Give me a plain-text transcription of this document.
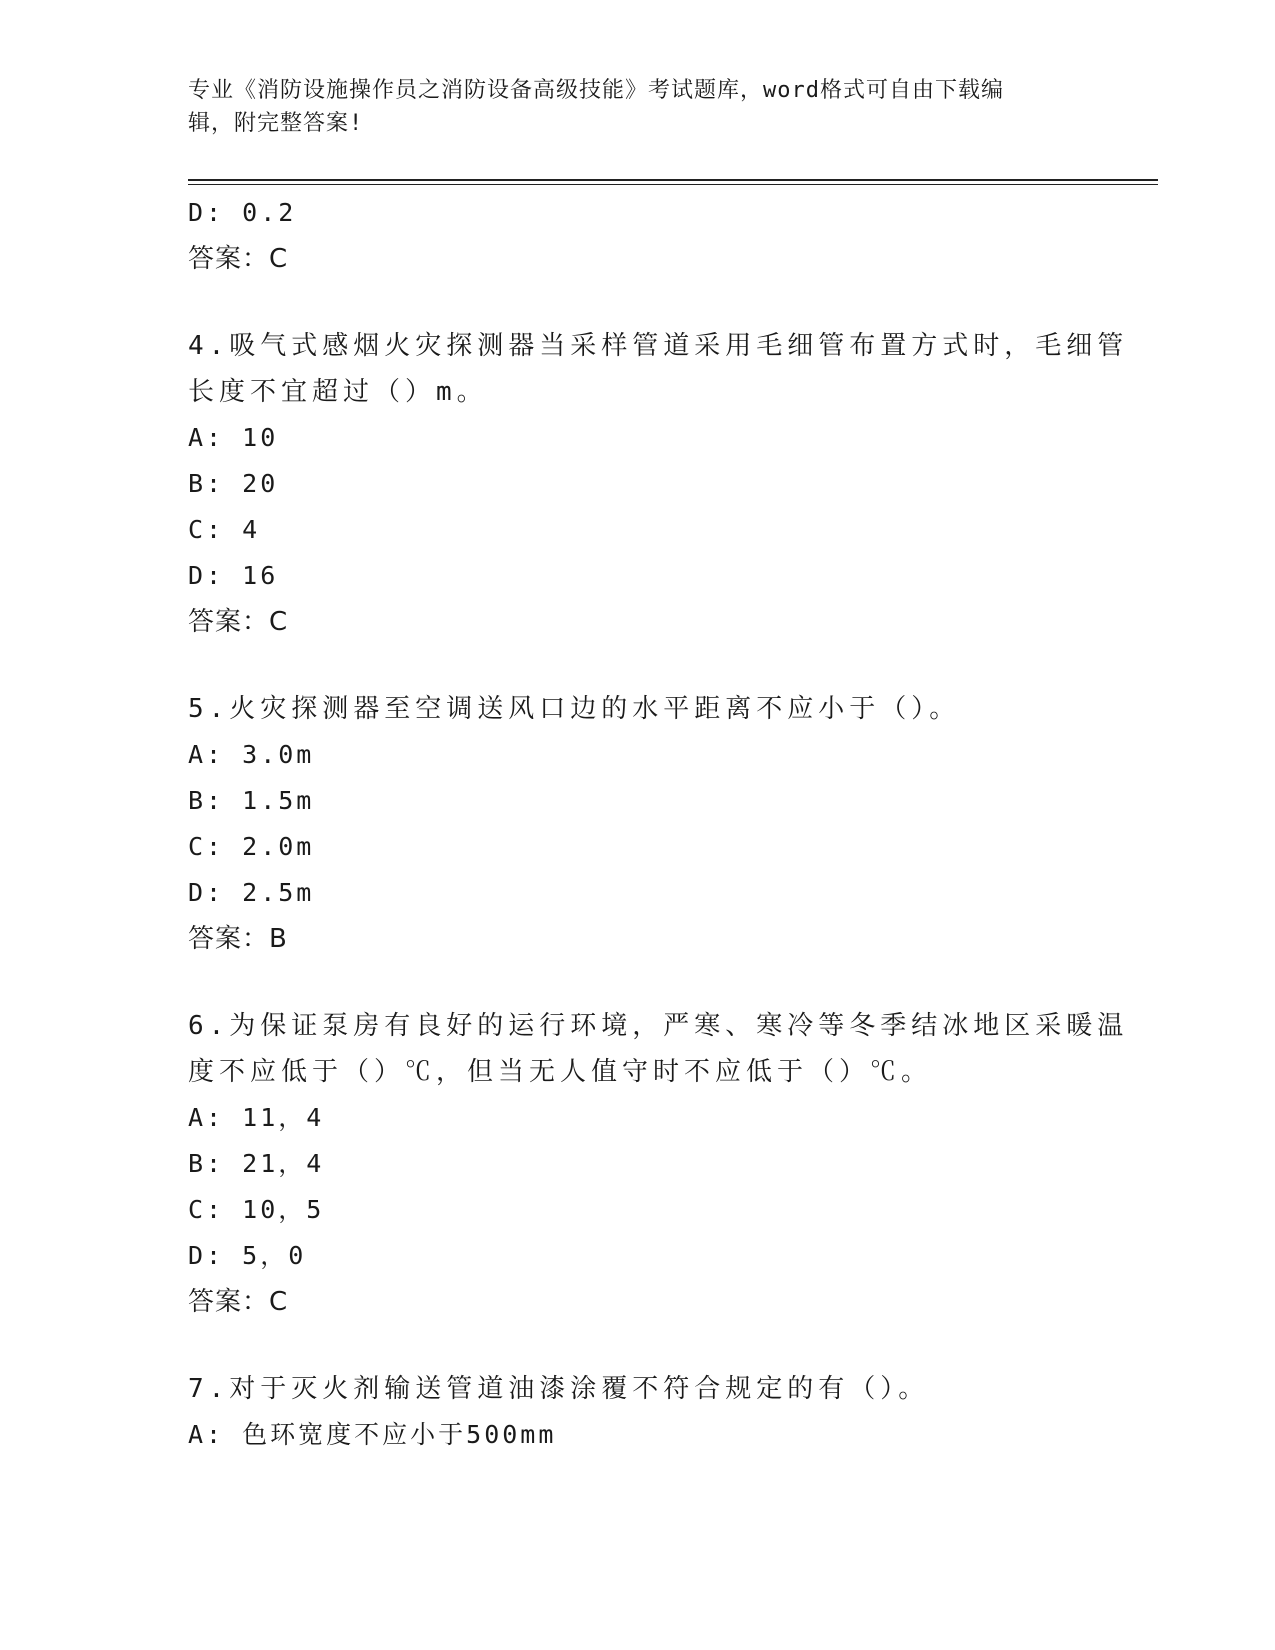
专业《消防设施操作员之消防设备高级技能》考试题库，word格式可自由下载编
辑，附完整答案!
D: 0.2
答案：C
4.吸气式感烟火灾探测器当采样管道采用毛细管布置方式时，毛细管
长度不宜超过（）m。
A: 10
B: 20
C: 4
D: 16
答案：C
5.火灾探测器至空调送风口边的水平距离不应小于（）。
A: 3.0m
B: 1.5m
C: 2.0m
D: 2.5m
答案：B
6.为保证泵房有良好的运行环境，严寒、寒冷等冬季结冰地区采暖温
度不应低于（）℃，但当无人值守时不应低于（）℃。
A: 11，4
B: 21，4
C: 10，5
D: 5，0
答案：C
7.对于灭火剂输送管道油漆涂覆不符合规定的有（）。
A: 色环宽度不应小于500mm
